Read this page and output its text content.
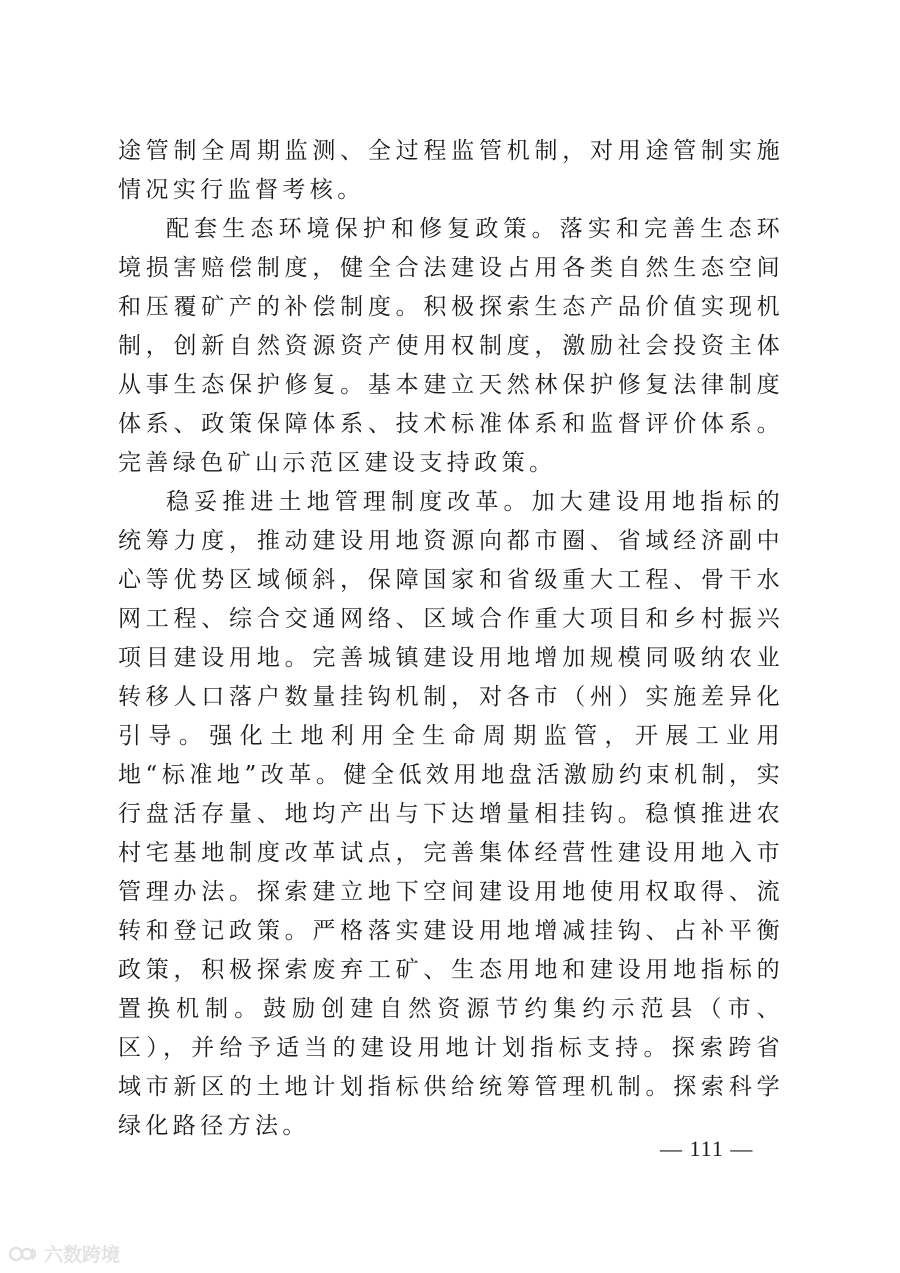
途管制全周期监测、全过程监管机制，对用途管制实施情况实行监督考核。

配套生态环境保护和修复政策。落实和完善生态环境损害赔偿制度，健全合法建设占用各类自然生态空间和压覆矿产的补偿制度。积极探索生态产品价值实现机制，创新自然资源资产使用权制度，激励社会投资主体从事生态保护修复。基本建立天然林保护修复法律制度体系、政策保障体系、技术标准体系和监督评价体系。完善绿色矿山示范区建设支持政策。

稳妥推进土地管理制度改革。加大建设用地指标的统筹力度，推动建设用地资源向都市圈、省域经济副中心等优势区域倾斜，保障国家和省级重大工程、骨干水网工程、综合交通网络、区域合作重大项目和乡村振兴项目建设用地。完善城镇建设用地增加规模同吸纳农业转移人口落户数量挂钩机制，对各市（州）实施差异化引导。强化土地利用全生命周期监管，开展工业用地“标准地”改革。健全低效用地盘活激励约束机制，实行盘活存量、地均产出与下达增量相挂钩。稳慎推进农村宅基地制度改革试点，完善集体经营性建设用地入市管理办法。探索建立地下空间建设用地使用权取得、流转和登记政策。严格落实建设用地增减挂钩、占补平衡政策，积极探索废弃工矿、生态用地和建设用地指标的置换机制。鼓励创建自然资源节约集约示范县（市、区），并给予适当的建设用地计划指标支持。探索跨省域市新区的土地计划指标供给统筹管理机制。探索科学绿化路径方法。

— 111 —
六数跨境
